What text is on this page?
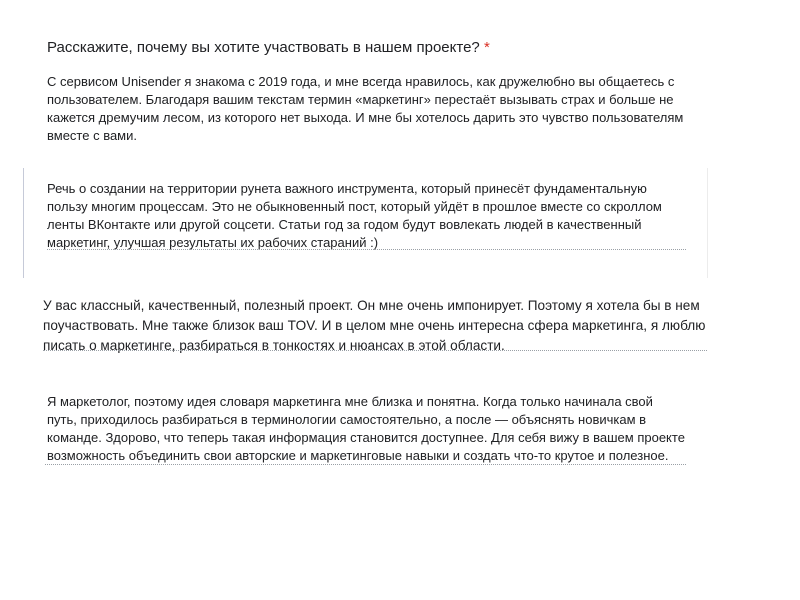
Расскажите, почему вы хотите участвовать в нашем проекте? *
С сервисом Unisender я знакома с 2019 года, и мне всегда нравилось, как дружелюбно вы общаетесь с
пользователем. Благодаря вашим текстам термин «маркетинг» перестаёт вызывать страх и больше не
кажется дремучим лесом, из которого нет выхода. И мне бы хотелось дарить это чувство пользователям
вместе с вами.
Речь о создании на территории рунета важного инструмента, который принесёт фундаментальную
пользу многим процессам. Это не обыкновенный пост, который уйдёт в прошлое вместе со скроллом
ленты ВКонтакте или другой соцсети. Статьи год за годом будут вовлекать людей в качественный
маркетинг, улучшая результаты их рабочих стараний :)
У вас классный, качественный, полезный проект. Он мне очень импонирует. Поэтому я хотела бы в нем
поучаствовать. Мне также близок ваш TOV. И в целом мне очень интересна сфера маркетинга, я люблю
писать о маркетинге, разбираться в тонкостях и нюансах в этой области.
Я маркетолог, поэтому идея словаря маркетинга мне близка и понятна. Когда только начинала свой
путь, приходилось разбираться в терминологии самостоятельно, а после — объяснять новичкам в
команде. Здорово, что теперь такая информация становится доступнее. Для себя вижу в вашем проекте
возможность объединить свои авторские и маркетинговые навыки и создать что-то крутое и полезное.
